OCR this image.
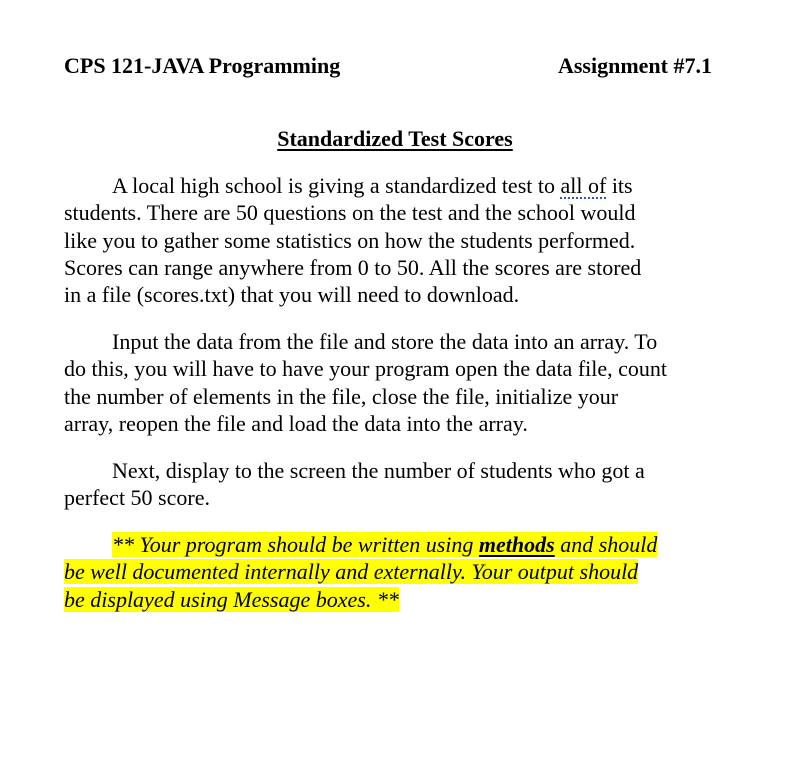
CPS 121-JAVA Programming	Assignment #7.1
Standardized Test Scores

A local high school is giving a standardized test to all of its
students. There are 50 questions on the test and the school would
like you to gather some statistics on how the students performed.
Scores can range anywhere from 0 to 50. All the scores are stored
in a file (scores.txt) that you will need to download.

Input the data from the file and store the data into an array. To
do this, you will have to have your program open the data file, count
the number of elements in the file, close the file, initialize your
array, reopen the file and load the data into the array.

Next, display to the screen the number of students who got a
perfect 50 score.

** Your program should be written using methods and should
be well documented internally and externally. Your output should
be displayed using Message boxes. **
